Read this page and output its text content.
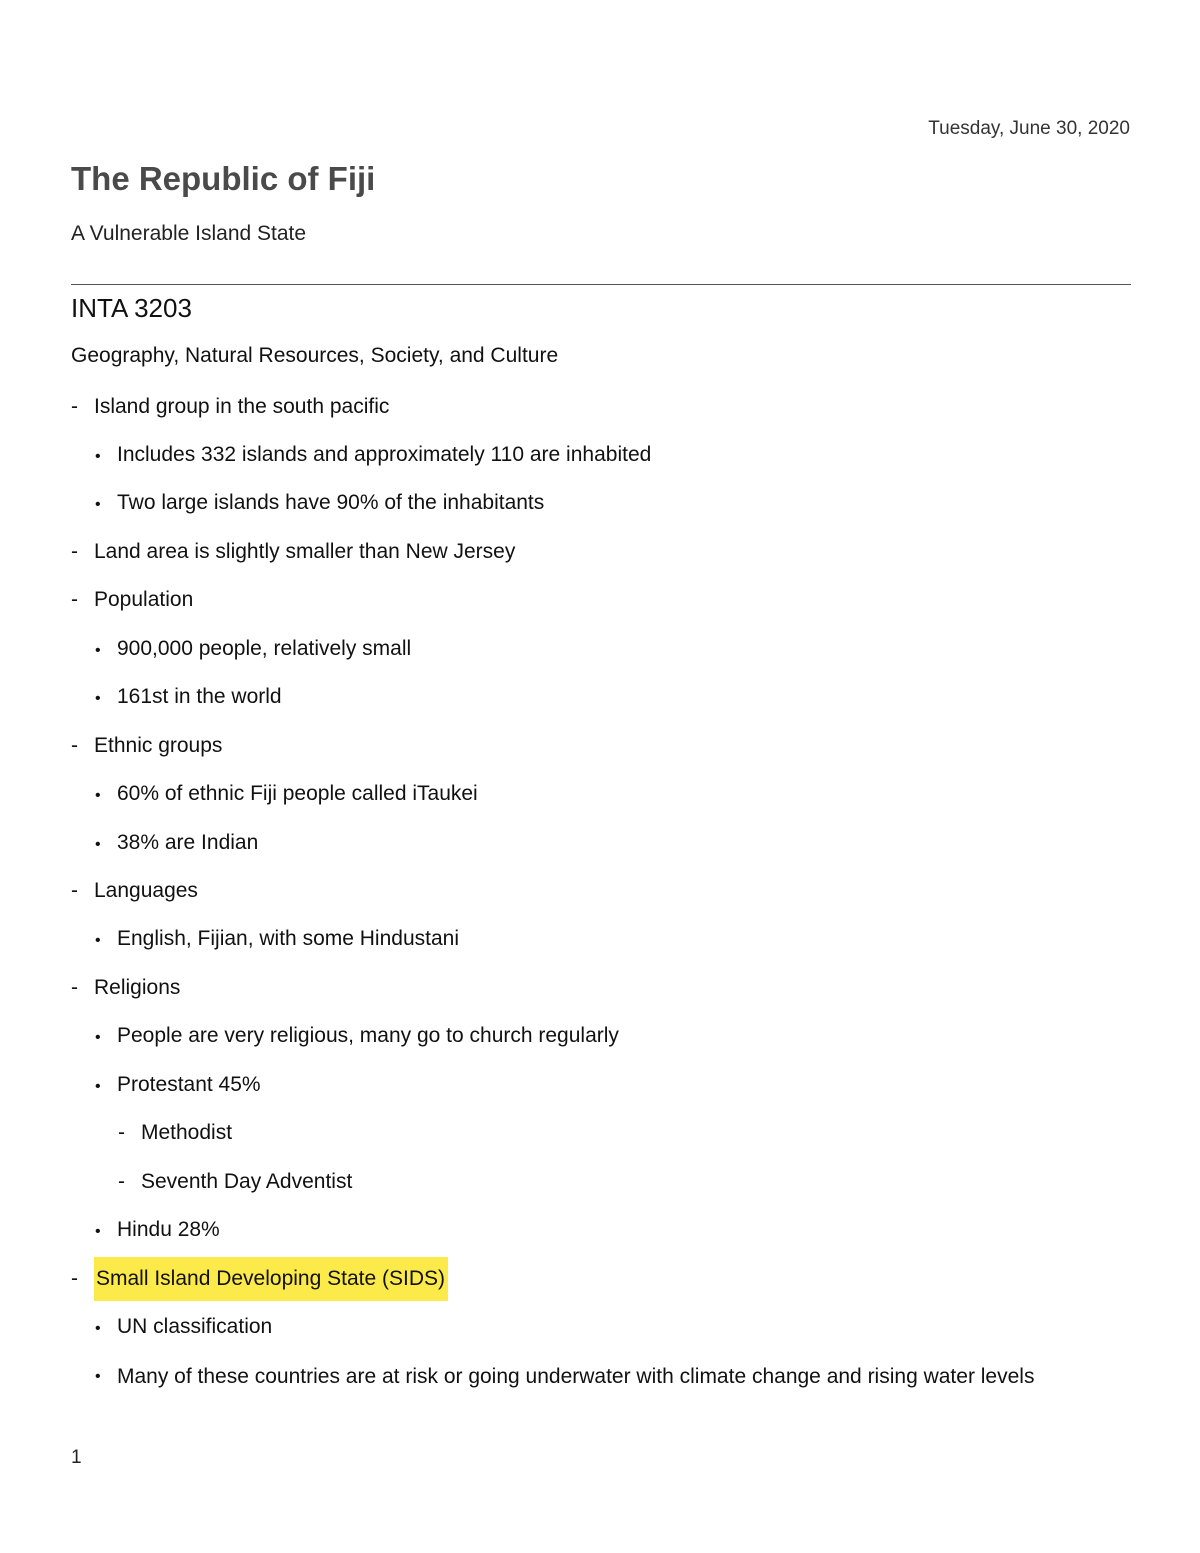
Tuesday, June 30, 2020
The Republic of Fiji
A Vulnerable Island State
INTA 3203
Geography, Natural Resources, Society, and Culture
- Island group in the south pacific
• Includes 332 islands and approximately 110 are inhabited
• Two large islands have 90% of the inhabitants
- Land area is slightly smaller than New Jersey
- Population
• 900,000 people, relatively small
• 161st in the world
- Ethnic groups
• 60% of ethnic Fiji people called iTaukei
• 38% are Indian
- Languages
• English, Fijian, with some Hindustani
- Religions
• People are very religious, many go to church regularly
• Protestant 45%
- Methodist
- Seventh Day Adventist
• Hindu 28%
- Small Island Developing State (SIDS)
• UN classification
• Many of these countries are at risk or going underwater with climate change and rising water levels
1
